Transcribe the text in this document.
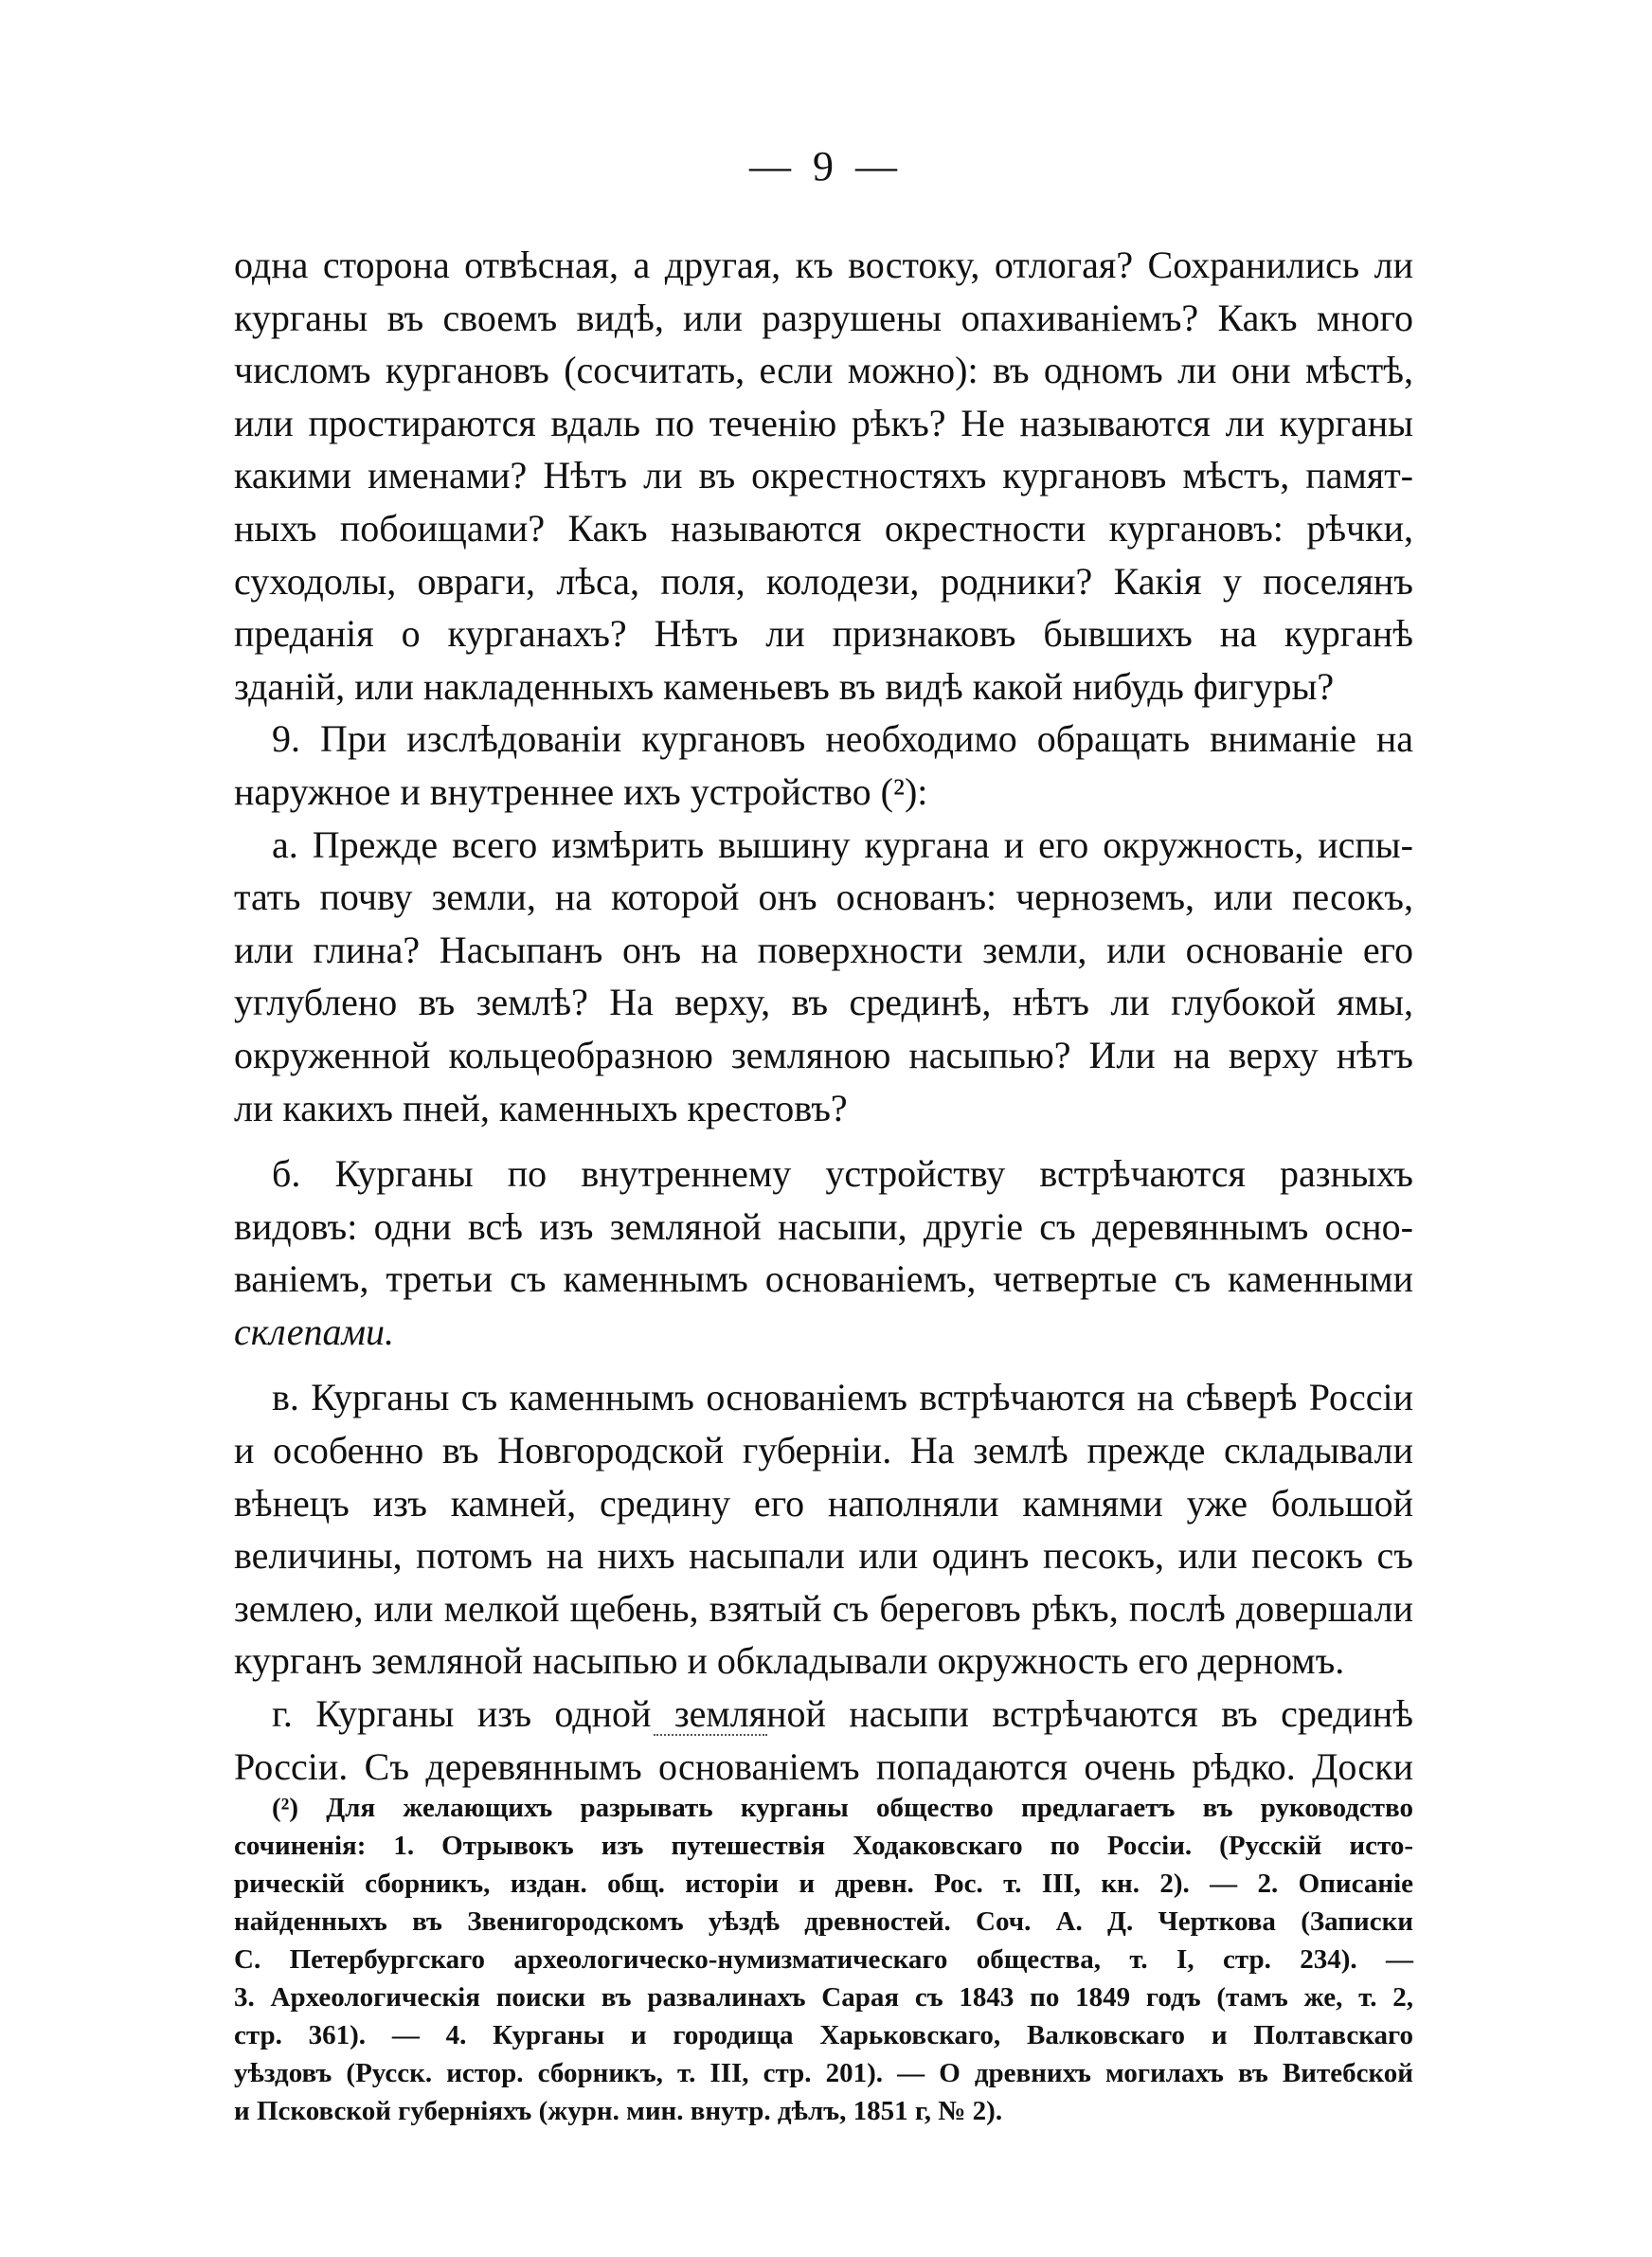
— 9 —
одна сторона отвѣсная, а другая, къ востоку, отлогая? Сохранились ли
курганы въ своемъ видѣ, или разрушены опахиваніемъ? Какъ много
числомъ кургановъ (сосчитать, если можно): въ одномъ ли они мѣстѣ,
или простираются вдаль по теченію рѣкъ? Не называются ли курганы
какими именами? Нѣтъ ли въ окрестностяхъ кургановъ мѣстъ, памят-
ныхъ побоищами? Какъ называются окрестности кургановъ: рѣчки,
суходолы, овраги, лѣса, поля, колодези, родники? Какія у поселянъ
преданія о курганахъ? Нѣтъ ли признаковъ бывшихъ на курганѣ
зданій, или накладенныхъ каменьевъ въ видѣ какой нибудь фигуры?
9. При изслѣдованіи кургановъ необходимо обращать вниманіе на
наружное и внутреннее ихъ устройство (²):
а. Прежде всего измѣрить вышину кургана и его окружность, испы-
тать почву земли, на которой онъ основанъ: черноземъ, или песокъ,
или глина? Насыпанъ онъ на поверхности земли, или основаніе его
углублено въ землѣ? На верху, въ срединѣ, нѣтъ ли глубокой ямы,
окруженной кольцеобразною земляною насыпью? Или на верху нѣтъ
ли какихъ пней, каменныхъ крестовъ?
б. Курганы по внутреннему устройству встрѣчаются разныхъ
видовъ: одни всѣ изъ земляной насыпи, другіе съ деревяннымъ осно-
ваніемъ, третьи съ каменнымъ основаніемъ, четвертые съ каменными
склепами.
в. Курганы съ каменнымъ основаніемъ встрѣчаются на сѣверѣ Россіи
и особенно въ Новгородской губерніи. На землѣ прежде складывали
вѣнецъ изъ камней, средину его наполняли камнями уже большой
величины, потомъ на нихъ насыпали или одинъ песокъ, или песокъ съ
землею, или мелкой щебень, взятый съ береговъ рѣкъ, послѣ довершали
курганъ земляной насыпью и обкладывали окружность его дерномъ.
г. Курганы изъ одной земляной насыпи встрѣчаются въ срединѣ
Россіи. Съ деревяннымъ основаніемъ попадаются очень рѣдко. Доски
(²) Для желающихъ разрывать курганы общество предлагаетъ въ руководство
сочиненія: 1. Отрывокъ изъ путешествія Ходаковскаго по Россіи. (Русскій исто-
рическій сборникъ, издан. общ. исторіи и древн. Рос. т. III, кн. 2). — 2. Описаніе
найденныхъ въ Звенигородскомъ уѣздѣ древностей. Соч. А. Д. Черткова (Записки
С. Петербургскаго археологическо-нумизматическаго общества, т. I, стр. 234). —
3. Археологическія поиски въ развалинахъ Сарая съ 1843 по 1849 годъ (тамъ же, т. 2,
стр. 361). — 4. Курганы и городища Харьковскаго, Валковскаго и Полтавскаго
уѣздовъ (Русск. истор. сборникъ, т. III, стр. 201). — О древнихъ могилахъ въ Витебской
и Псковской губерніяхъ (журн. мин. внутр. дѣлъ, 1851 г, № 2).
